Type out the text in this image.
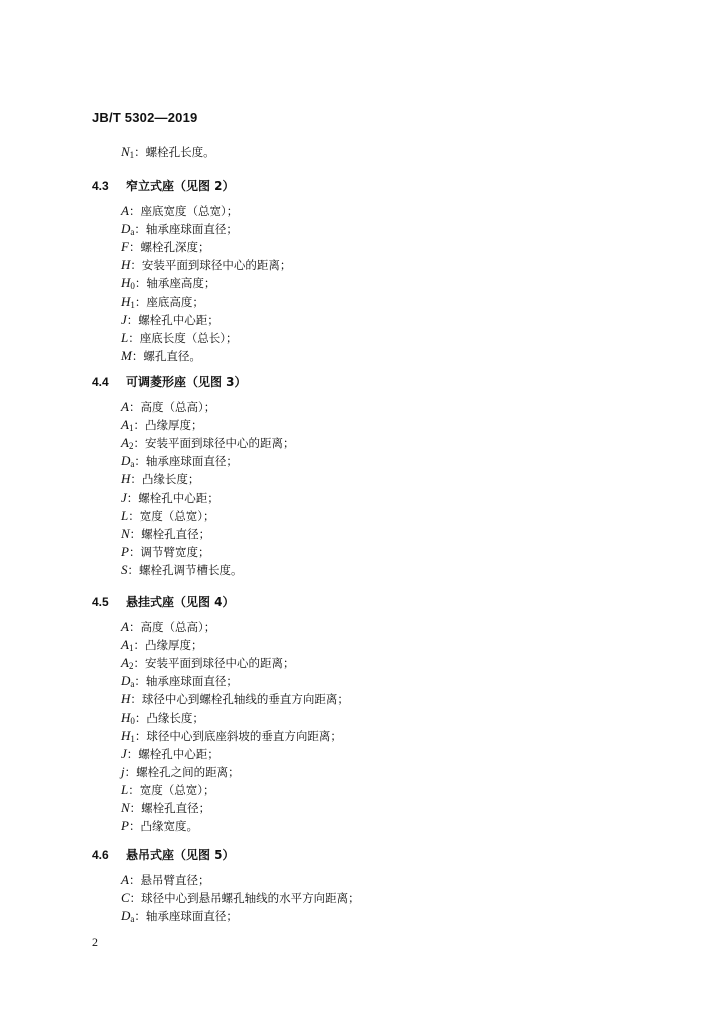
JB/T 5302—2019
$N_1$：螺栓孔长度。
4.3 窄立式座（见图 2）
A：座底宽度（总宽）；
$D_a$：轴承座球面直径；
F：螺栓孔深度；
H：安装平面到球径中心的距离；
$H_0$：轴承座高度；
$H_1$：座底高度；
J：螺栓孔中心距；
L：座底长度（总长）；
M：螺孔直径。
4.4 可调菱形座（见图 3）
A：高度（总高）；
$A_1$：凸缘厚度；
$A_2$：安装平面到球径中心的距离；
$D_a$：轴承座球面直径；
H：凸缘长度；
J：螺栓孔中心距；
L：宽度（总宽）；
N：螺栓孔直径；
P：调节臂宽度；
S：螺栓孔调节槽长度。
4.5 悬挂式座（见图 4）
A：高度（总高）；
$A_1$：凸缘厚度；
$A_2$：安装平面到球径中心的距离；
$D_a$：轴承座球面直径；
H：球径中心到螺栓孔轴线的垂直方向距离；
$H_0$：凸缘长度；
$H_1$：球径中心到底座斜坡的垂直方向距离；
J：螺栓孔中心距；
j：螺栓孔之间的距离；
L：宽度（总宽）；
N：螺栓孔直径；
P：凸缘宽度。
4.6 悬吊式座（见图 5）
A：悬吊臂直径；
C：球径中心到悬吊螺孔轴线的水平方向距离；
$D_a$：轴承座球面直径；
2
